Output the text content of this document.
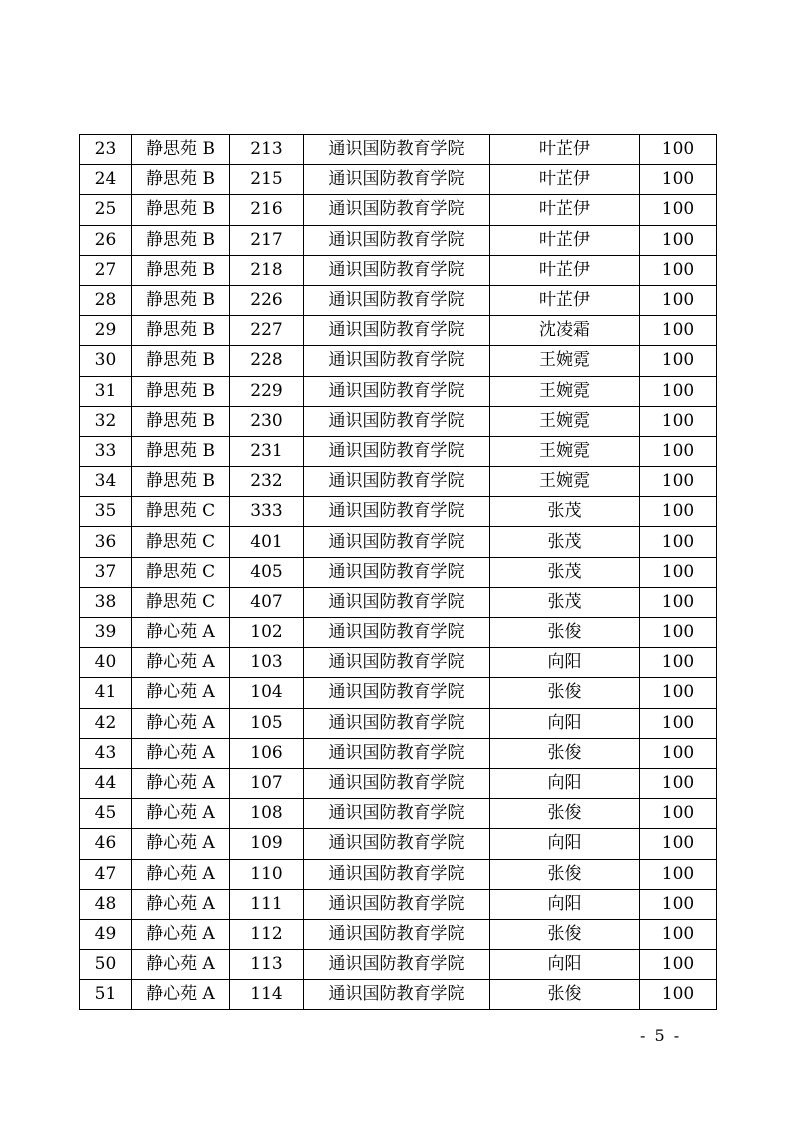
23	静思苑 B	213	通识国防教育学院	叶芷伊	100
24	静思苑 B	215	通识国防教育学院	叶芷伊	100
25	静思苑 B	216	通识国防教育学院	叶芷伊	100
26	静思苑 B	217	通识国防教育学院	叶芷伊	100
27	静思苑 B	218	通识国防教育学院	叶芷伊	100
28	静思苑 B	226	通识国防教育学院	叶芷伊	100
29	静思苑 B	227	通识国防教育学院	沈凌霜	100
30	静思苑 B	228	通识国防教育学院	王婉霓	100
31	静思苑 B	229	通识国防教育学院	王婉霓	100
32	静思苑 B	230	通识国防教育学院	王婉霓	100
33	静思苑 B	231	通识国防教育学院	王婉霓	100
34	静思苑 B	232	通识国防教育学院	王婉霓	100
35	静思苑 C	333	通识国防教育学院	张茂	100
36	静思苑 C	401	通识国防教育学院	张茂	100
37	静思苑 C	405	通识国防教育学院	张茂	100
38	静思苑 C	407	通识国防教育学院	张茂	100
39	静心苑 A	102	通识国防教育学院	张俊	100
40	静心苑 A	103	通识国防教育学院	向阳	100
41	静心苑 A	104	通识国防教育学院	张俊	100
42	静心苑 A	105	通识国防教育学院	向阳	100
43	静心苑 A	106	通识国防教育学院	张俊	100
44	静心苑 A	107	通识国防教育学院	向阳	100
45	静心苑 A	108	通识国防教育学院	张俊	100
46	静心苑 A	109	通识国防教育学院	向阳	100
47	静心苑 A	110	通识国防教育学院	张俊	100
48	静心苑 A	111	通识国防教育学院	向阳	100
49	静心苑 A	112	通识国防教育学院	张俊	100
50	静心苑 A	113	通识国防教育学院	向阳	100
51	静心苑 A	114	通识国防教育学院	张俊	100
- 5 -
